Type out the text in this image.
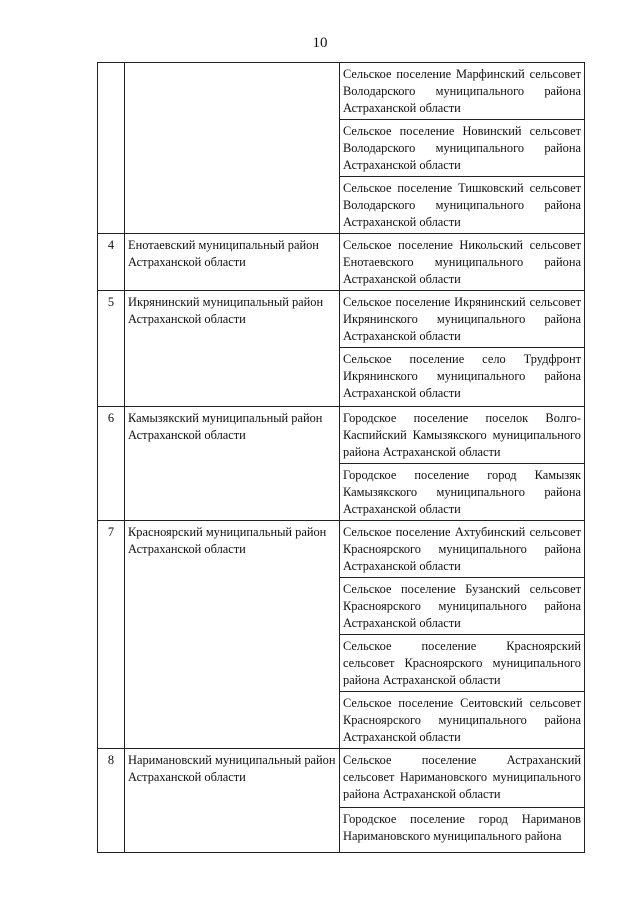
10
		Сельское поселение Марфинский сельсовет Володарского муниципального района Астраханской области
		Сельское поселение Новинский сельсовет Володарского муниципального района Астраханской области
		Сельское поселение Тишковский сельсовет Володарского муниципального района Астраханской области
4	Енотаевский муниципальный район Астраханской области	Сельское поселение Никольский сельсовет Енотаевского муниципального района Астраханской области
5	Икрянинский муниципальный район Астраханской области	Сельское поселение Икрянинский сельсовет Икрянинского муниципального района Астраханской области
		Сельское поселение село Трудфронт Икрянинского муниципального района Астраханской области
6	Камызякский муниципальный район Астраханской области	Городское поселение поселок Волго-Каспийский Камызякского муниципального района Астраханской области
		Городское поселение город Камызяк Камызякского муниципального района Астраханской области
7	Красноярский муниципальный район Астраханской области	Сельское поселение Ахтубинский сельсовет Красноярского муниципального района Астраханской области
		Сельское поселение Бузанский сельсовет Красноярского муниципального района Астраханской области
		Сельское поселение Красноярский сельсовет Красноярского муниципального района Астраханской области
		Сельское поселение Сеитовский сельсовет Красноярского муниципального района Астраханской области
8	Наримановский муниципальный район Астраханской области	Сельское поселение Астраханский сельсовет Наримановского муниципального района Астраханской области
		Городское поселение город Нариманов Наримановского муниципального района
